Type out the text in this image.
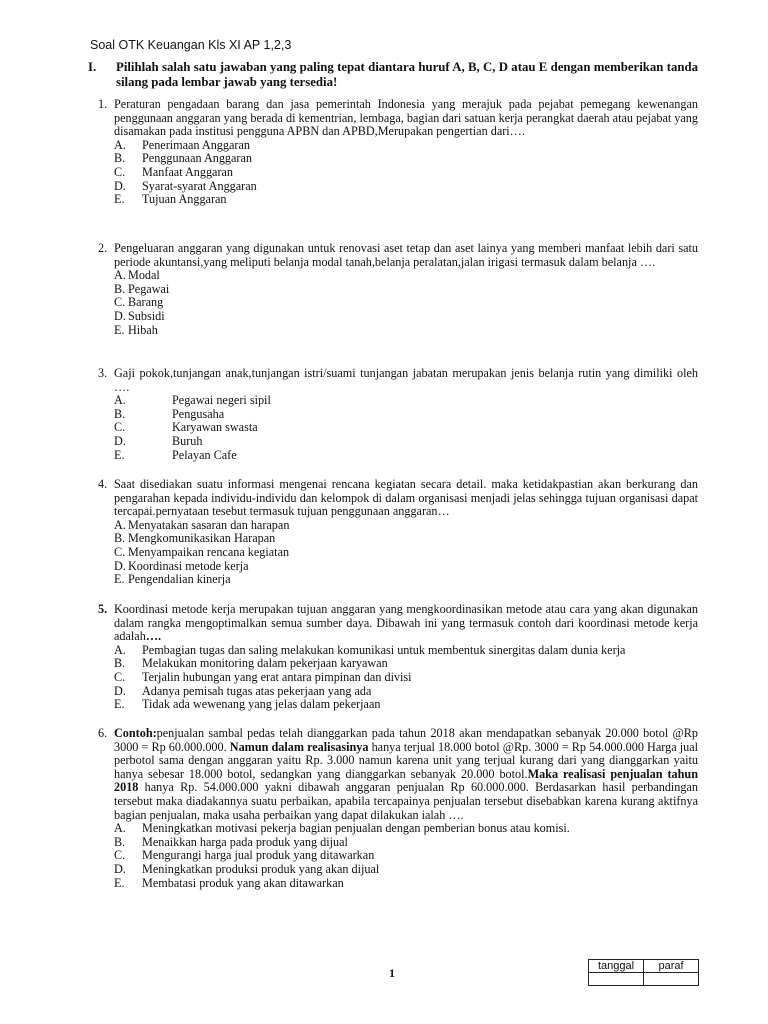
Soal OTK Keuangan Kls XI AP 1,2,3
I.	Pilihlah salah satu jawaban yang paling tepat diantara huruf A, B, C, D atau E dengan memberikan tanda silang pada lembar jawab yang tersedia!
1. Peraturan pengadaan barang dan jasa pemerintah Indonesia yang merajuk pada pejabat pemegang kewenangan penggunaan anggaran yang berada di kementrian, lembaga, bagian dari satuan kerja perangkat daerah atau pejabat yang disamakan pada institusi pengguna APBN dan APBD,Merupakan pengertian dari….
A.	Penerimaan Anggaran
B.	Penggunaan Anggaran
C.	Manfaat Anggaran
D.	Syarat-syarat Anggaran
E.	Tujuan Anggaran
2. Pengeluaran anggaran yang digunakan untuk renovasi aset tetap dan aset lainya yang memberi manfaat lebih dari satu periode akuntansi,yang meliputi belanja modal tanah,belanja peralatan,jalan irigasi termasuk dalam belanja ….
A. Modal
B. Pegawai
C. Barang
D. Subsidi
E. Hibah
3. Gaji pokok,tunjangan anak,tunjangan istri/suami tunjangan jabatan merupakan jenis belanja rutin yang dimiliki oleh ….
A.	Pegawai negeri sipil
B.	Pengusaha
C.	Karyawan swasta
D.	Buruh
E.	Pelayan Cafe
4. Saat disediakan suatu informasi mengenai rencana kegiatan secara detail. maka ketidakpastian akan berkurang dan pengarahan kepada individu-individu dan kelompok di dalam organisasi menjadi jelas sehingga tujuan organisasi dapat tercapai.pernyataan tesebut termasuk tujuan penggunaan anggaran…
A. Menyatakan sasaran dan harapan
B. Mengkomunikasikan Harapan
C. Menyampaikan rencana kegiatan
D. Koordinasi metode kerja
E. Pengendalian kinerja
5. Koordinasi metode kerja merupakan tujuan anggaran yang mengkoordinasikan metode atau cara yang akan digunakan dalam rangka mengoptimalkan semua sumber daya. Dibawah ini yang termasuk contoh dari koordinasi metode kerja adalah….
A.	Pembagian tugas dan saling melakukan komunikasi untuk membentuk sinergitas dalam dunia kerja
B.	Melakukan monitoring dalam pekerjaan karyawan
C.	Terjalin hubungan yang erat antara pimpinan dan divisi
D.	Adanya pemisah tugas atas pekerjaan yang ada
E.	Tidak ada wewenang yang jelas dalam pekerjaan
6. Contoh:penjualan sambal pedas telah dianggarkan pada tahun 2018 akan mendapatkan sebanyak 20.000 botol @Rp 3000 = Rp 60.000.000. Namun dalam realisasinya hanya terjual 18.000 botol @Rp. 3000 = Rp 54.000.000 Harga jual perbotol sama dengan anggaran yaitu Rp. 3.000 namun karena unit yang terjual kurang dari yang dianggarkan yaitu hanya sebesar 18.000 botol, sedangkan yang dianggarkan sebanyak 20.000 botol.Maka realisasi penjualan tahun 2018 hanya Rp. 54.000.000 yakni dibawah anggaran penjualan Rp 60.000.000. Berdasarkan hasil perbandingan tersebut maka diadakannya suatu perbaikan, apabila tercapainya penjualan tersebut disebabkan karena kurang aktifnya bagian penjualan, maka usaha perbaikan yang dapat dilakukan ialah ….
A.	Meningkatkan motivasi pekerja bagian penjualan dengan pemberian bonus atau komisi.
B.	Menaikkan harga pada produk yang dijual
C.	Mengurangi harga jual produk yang ditawarkan
D.	Meningkatkan produksi produk yang akan dijual
E.	Membatasi produk yang akan ditawarkan
1	tanggal	paraf
